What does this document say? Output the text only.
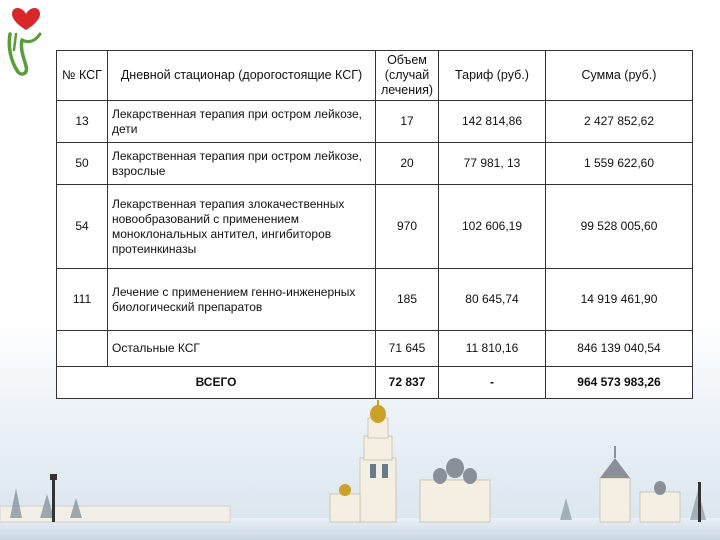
№ КСГ	Дневной стационар (дорогостоящие КСГ)	Объем (случай лечения)	Тариф (руб.)	Сумма (руб.)
13	Лекарственная терапия при остром лейкозе, дети	17	142 814,86	2 427 852,62
50	Лекарственная терапия при остром лейкозе, взрослые	20	77 981, 13	1 559 622,60
54	Лекарственная терапия злокачественных новообразований с применением моноклональных антител, ингибиторов протеинкиназы	970	102 606,19	99 528 005,60
111	Лечение с применением генно-инженерных биологический препаратов	185	80 645,74	14 919 461,90
	Остальные КСГ	71 645	11 810,16	846 139 040,54
ВСЕГО		72 837	-	964 573 983,26
